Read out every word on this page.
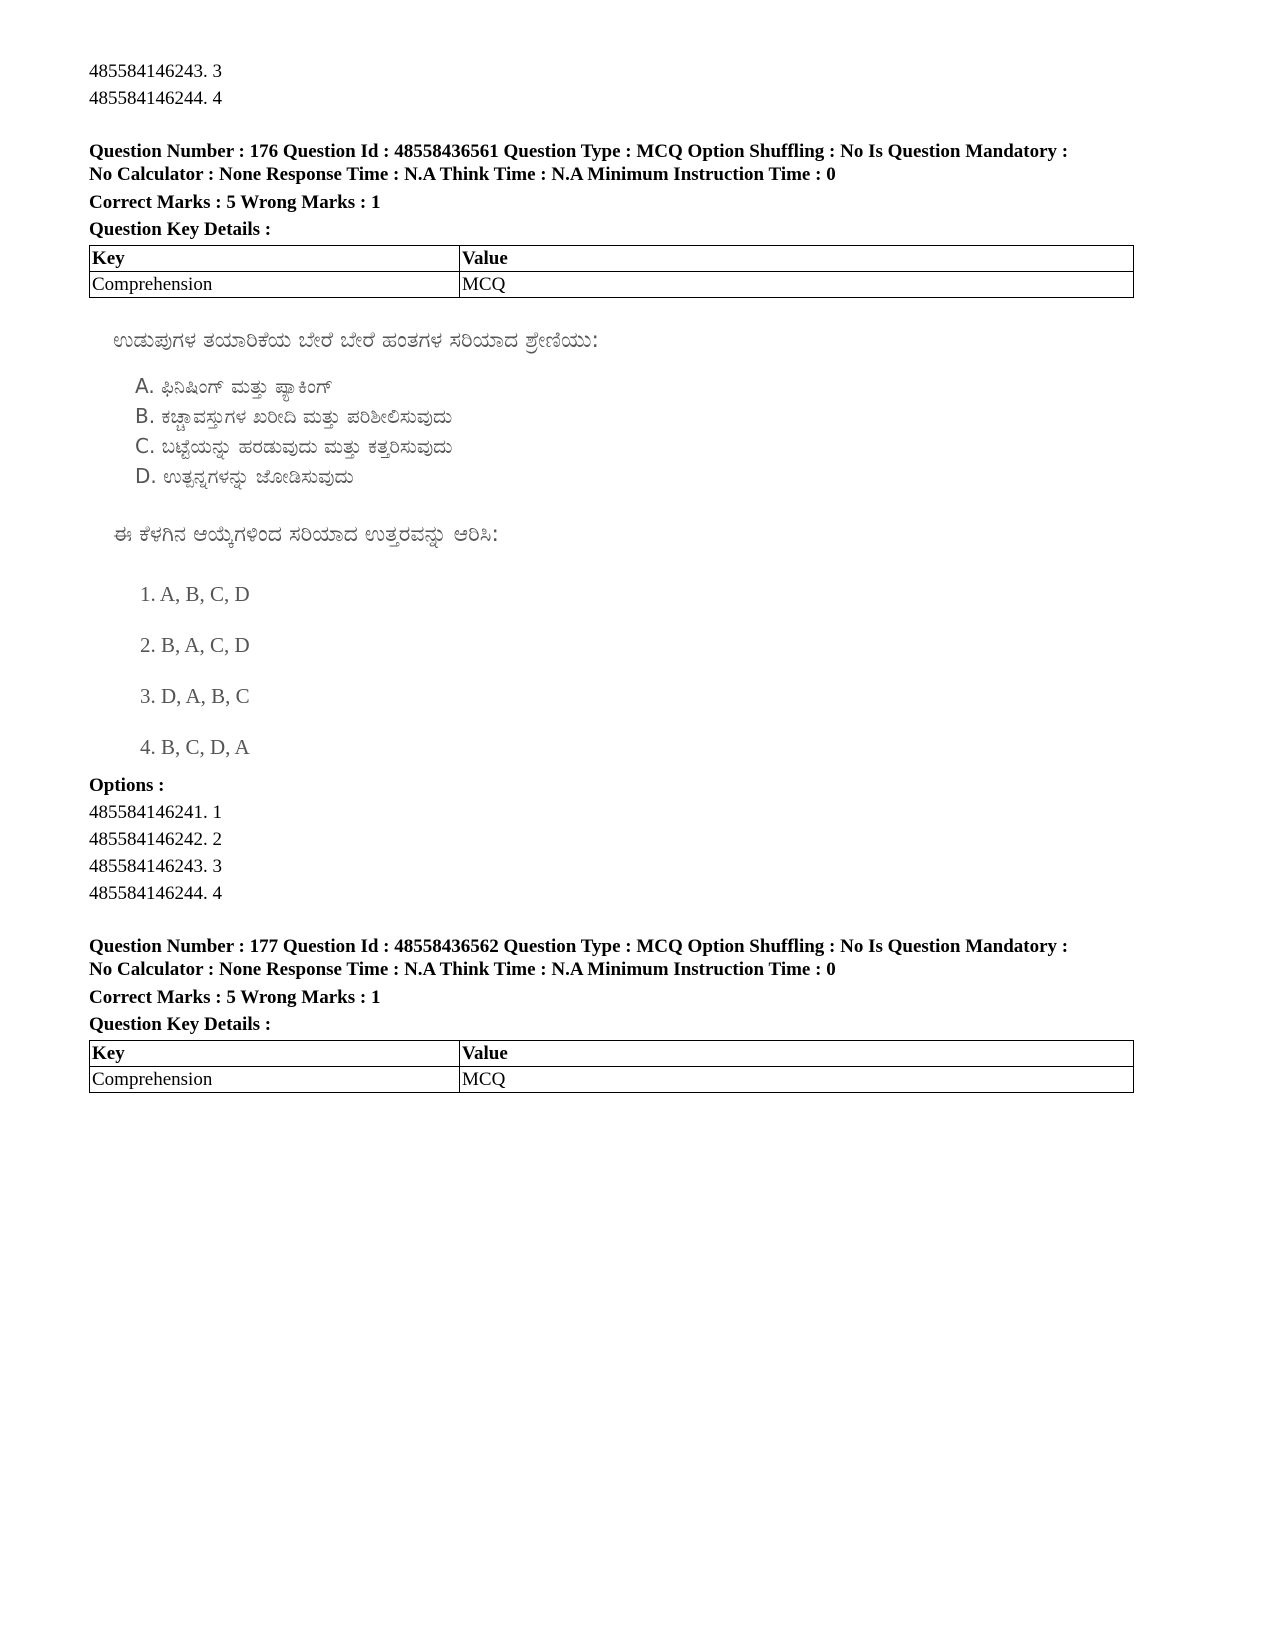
485584146243. 3
485584146244. 4
Question Number : 176 Question Id : 48558436561 Question Type : MCQ Option Shuffling : No Is Question Mandatory :
No Calculator : None Response Time : N.A Think Time : N.A Minimum Instruction Time : 0
Correct Marks : 5 Wrong Marks : 1
Question Key Details :
Key	Value
Comprehension	MCQ
ಉಡುಪುಗಳ ತಯಾರಿಕೆಯ ಬೇರೆ ಬೇರೆ ಹಂತಗಳ ಸರಿಯಾದ ಶ್ರೇಣಿಯು:
A. ಫಿನಿಷಿಂಗ್ ಮತ್ತು ಪ್ಯಾಕಿಂಗ್
B. ಕಚ್ಚಾವಸ್ತುಗಳ ಖರೀದಿ ಮತ್ತು ಪರಿಶೀಲಿಸುವುದು
C. ಬಟ್ಟೆಯನ್ನು ಹರಡುವುದು ಮತ್ತು ಕತ್ತರಿಸುವುದು
D. ಉತ್ಪನ್ನಗಳನ್ನು ಜೋಡಿಸುವುದು
ಈ ಕೆಳಗಿನ ಆಯ್ಕೆಗಳಿಂದ ಸರಿಯಾದ ಉತ್ತರವನ್ನು ಆರಿಸಿ:
1. A, B, C, D
2. B, A, C, D
3. D, A, B, C
4. B, C, D, A
Options :
485584146241. 1
485584146242. 2
485584146243. 3
485584146244. 4
Question Number : 177 Question Id : 48558436562 Question Type : MCQ Option Shuffling : No Is Question Mandatory :
No Calculator : None Response Time : N.A Think Time : N.A Minimum Instruction Time : 0
Correct Marks : 5 Wrong Marks : 1
Question Key Details :
Key	Value
Comprehension	MCQ
